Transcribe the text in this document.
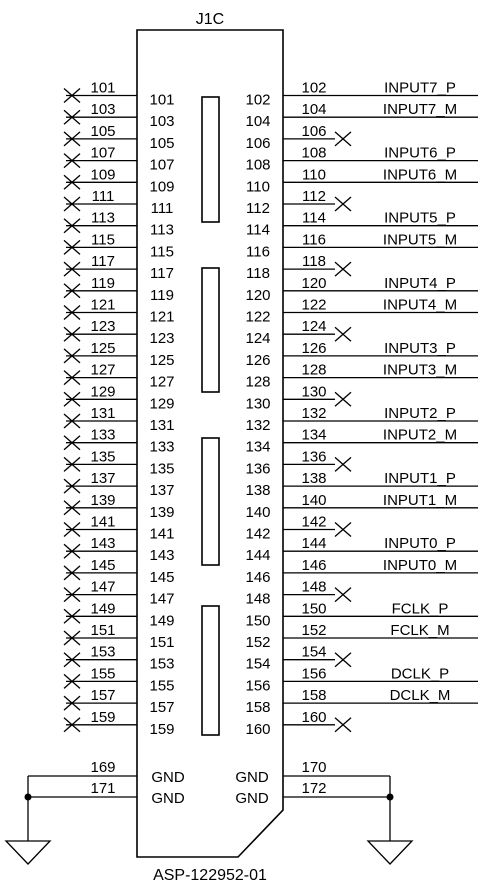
J1C
ASP-122952-01
101
101
103
103
105
105
107
107
109
109
111
111
113
113
115
115
117
117
119
119
121
121
123
123
125
125
127
127
129
129
131
131
133
133
135
135
137
137
139
139
141
141
143
143
145
145
147
147
149
149
151
151
153
153
155
155
157
157
159
159
102
102
INPUT7_P
104
104
INPUT7_M
106
106
108
108
INPUT6_P
110
110
INPUT6_M
112
112
114
114
INPUT5_P
116
116
INPUT5_M
118
118
120
120
INPUT4_P
122
122
INPUT4_M
124
124
126
126
INPUT3_P
128
128
INPUT3_M
130
130
132
132
INPUT2_P
134
134
INPUT2_M
136
136
138
138
INPUT1_P
140
140
INPUT1_M
142
142
144
144
INPUT0_P
146
146
INPUT0_M
148
148
150
150
FCLK_P
152
152
FCLK_M
154
154
156
156
DCLK_P
158
158
DCLK_M
160
160
169
GND
171
GND
170
GND
172
GND
